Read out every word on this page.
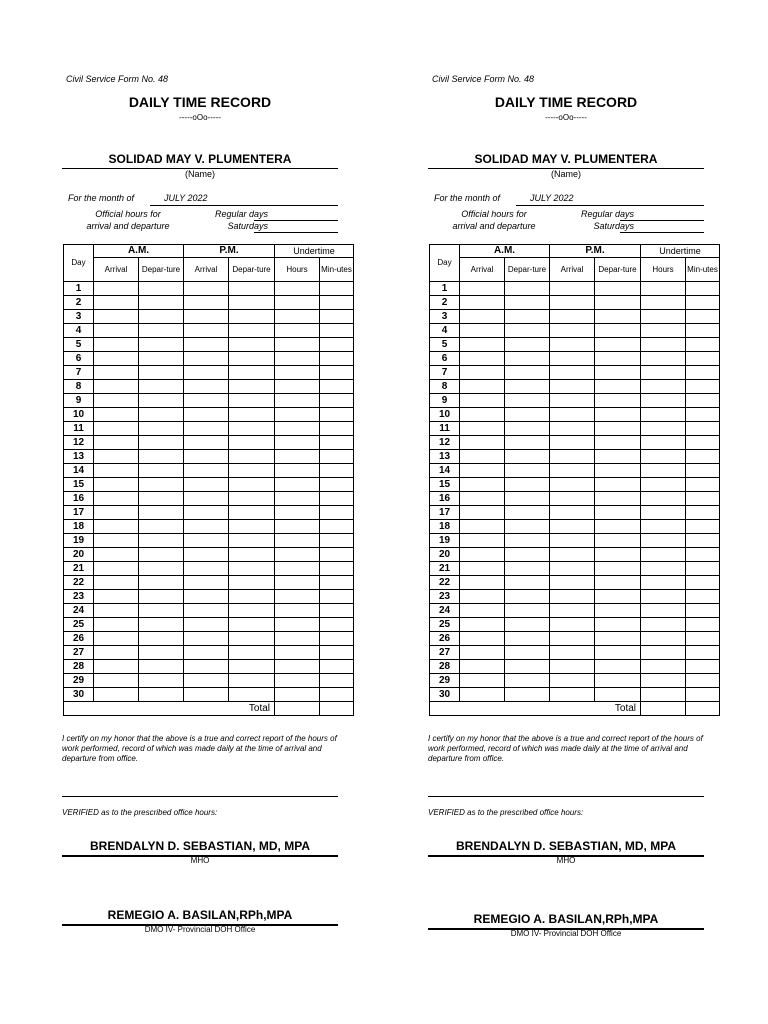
Civil Service Form No. 48
DAILY TIME RECORD
-----oOo-----
SOLIDAD MAY V. PLUMENTERA
(Name)
For the month of	JULY 2022
Official hours for
arrival and departure
Regular days
Saturdays
Day	A.M.		P.M.		Undertime	
	Arrival	Depar-ture	Arrival	Depar-ture	Hours	Min-utes
1						
2						
3						
4						
5						
6						
7						
8						
9						
10						
11						
12						
13						
14						
15						
16						
17						
18						
19						
20						
21						
22						
23						
24						
25						
26						
27						
28						
29						
30						
Total						
I certify on my honor that the above is a true and correct report of the hours of work performed, record of which was made daily at the time of arrival and departure from office.
VERIFIED as to the prescribed office hours:
BRENDALYN D. SEBASTIAN, MD, MPA
MHO
REMEGIO A. BASILAN,RPh,MPA
DMO IV- Provincial DOH Office
Civil Service Form No. 48
DAILY TIME RECORD
-----oOo-----
SOLIDAD MAY V. PLUMENTERA
(Name)
For the month of	JULY 2022
Official hours for
arrival and departure
Regular days
Saturdays
Day	A.M.		P.M.		Undertime	
	Arrival	Depar-ture	Arrival	Depar-ture	Hours	Min-utes
1						
2						
3						
4						
5						
6						
7						
8						
9						
10						
11						
12						
13						
14						
15						
16						
17						
18						
19						
20						
21						
22						
23						
24						
25						
26						
27						
28						
29						
30						
Total						
I certify on my honor that the above is a true and correct report of the hours of work performed, record of which was made daily at the time of arrival and departure from office.
VERIFIED as to the prescribed office hours:
BRENDALYN D. SEBASTIAN, MD, MPA
MHO
REMEGIO A. BASILAN,RPh,MPA
DMO IV- Provincial DOH Office
